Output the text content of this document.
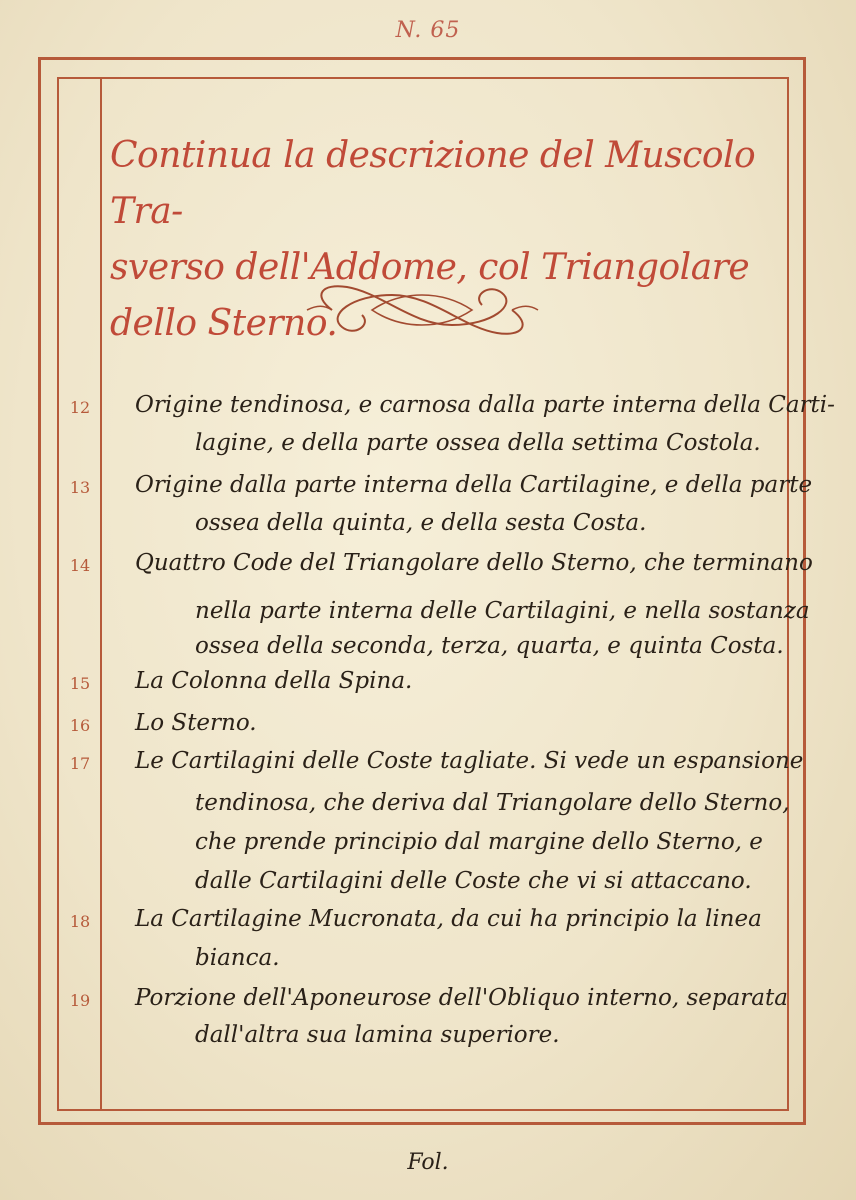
N. 65
Continua la descrizione del Muscolo Tra-
sverso dell'Addome, col Triangolare dello Sterno.
12	Origine tendinosa, e carnosa dalla parte interna della Carti-
lagine, e della parte ossea della settima Costola.
13	Origine dalla parte interna della Cartilagine, e della parte
ossea della quinta, e della sesta Costa.
14	Quattro Code del Triangolare dello Sterno, che terminano
nella parte interna delle Cartilagini, e nella sostanza
ossea della seconda, terza, quarta, e quinta Costa.
15	La Colonna della Spina.
16	Lo Sterno.
17	Le Cartilagini delle Coste tagliate. Si vede un espansione
tendinosa, che deriva dal Triangolare dello Sterno,
che prende principio dal margine dello Sterno, e
dalle Cartilagini delle Coste che vi si attaccano.
18	La Cartilagine Mucronata, da cui ha principio la linea
bianca.
19	Porzione dell'Aponeurose dell'Obliquo interno, separata
dall'altra sua lamina superiore.
Fol.
